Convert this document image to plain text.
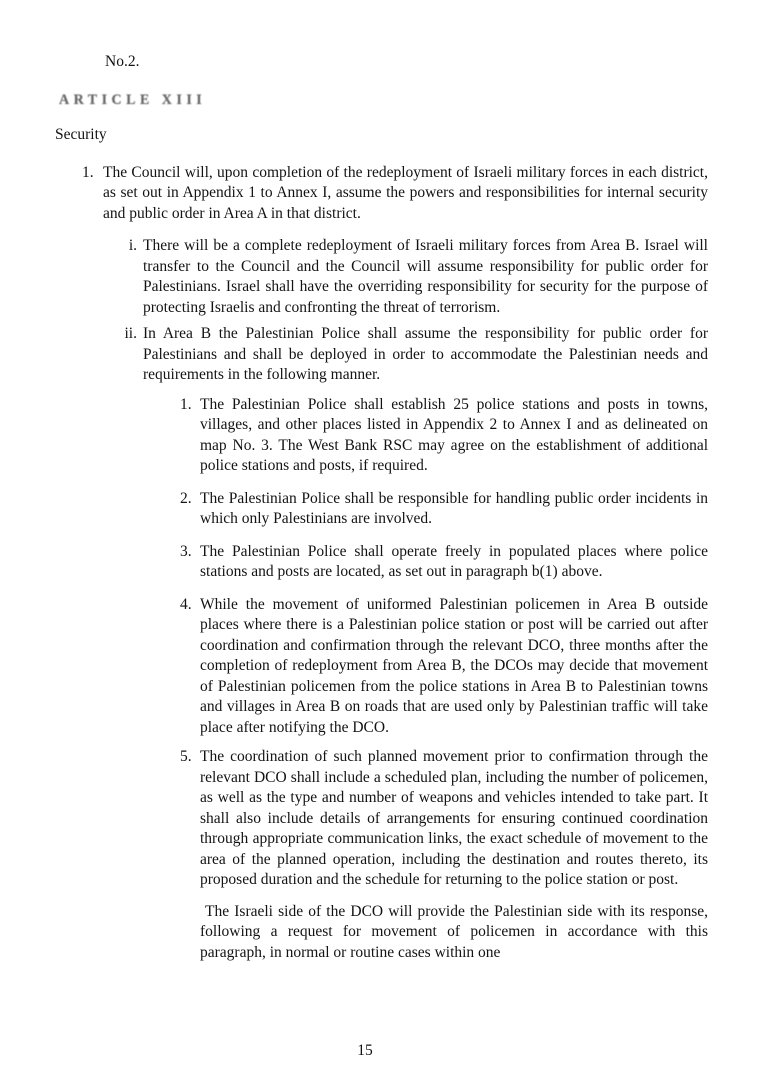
No.2.
ARTICLE XIII
Security
1. The Council will, upon completion of the redeployment of Israeli military forces in each district, as set out in Appendix 1 to Annex I, assume the powers and responsibilities for internal security and public order in Area A in that district.
i. There will be a complete redeployment of Israeli military forces from Area B. Israel will transfer to the Council and the Council will assume responsibility for public order for Palestinians. Israel shall have the overriding responsibility for security for the purpose of protecting Israelis and confronting the threat of terrorism.
ii. In Area B the Palestinian Police shall assume the responsibility for public order for Palestinians and shall be deployed in order to accommodate the Palestinian needs and requirements in the following manner.
1. The Palestinian Police shall establish 25 police stations and posts in towns, villages, and other places listed in Appendix 2 to Annex I and as delineated on map No. 3. The West Bank RSC may agree on the establishment of additional police stations and posts, if required.
2. The Palestinian Police shall be responsible for handling public order incidents in which only Palestinians are involved.
3. The Palestinian Police shall operate freely in populated places where police stations and posts are located, as set out in paragraph b(1) above.
4. While the movement of uniformed Palestinian policemen in Area B outside places where there is a Palestinian police station or post will be carried out after coordination and confirmation through the relevant DCO, three months after the completion of redeployment from Area B, the DCOs may decide that movement of Palestinian policemen from the police stations in Area B to Palestinian towns and villages in Area B on roads that are used only by Palestinian traffic will take place after notifying the DCO.
5. The coordination of such planned movement prior to confirmation through the relevant DCO shall include a scheduled plan, including the number of policemen, as well as the type and number of weapons and vehicles intended to take part. It shall also include details of arrangements for ensuring continued coordination through appropriate communication links, the exact schedule of movement to the area of the planned operation, including the destination and routes thereto, its proposed duration and the schedule for returning to the police station or post.
The Israeli side of the DCO will provide the Palestinian side with its response, following a request for movement of policemen in accordance with this paragraph, in normal or routine cases within one
15
